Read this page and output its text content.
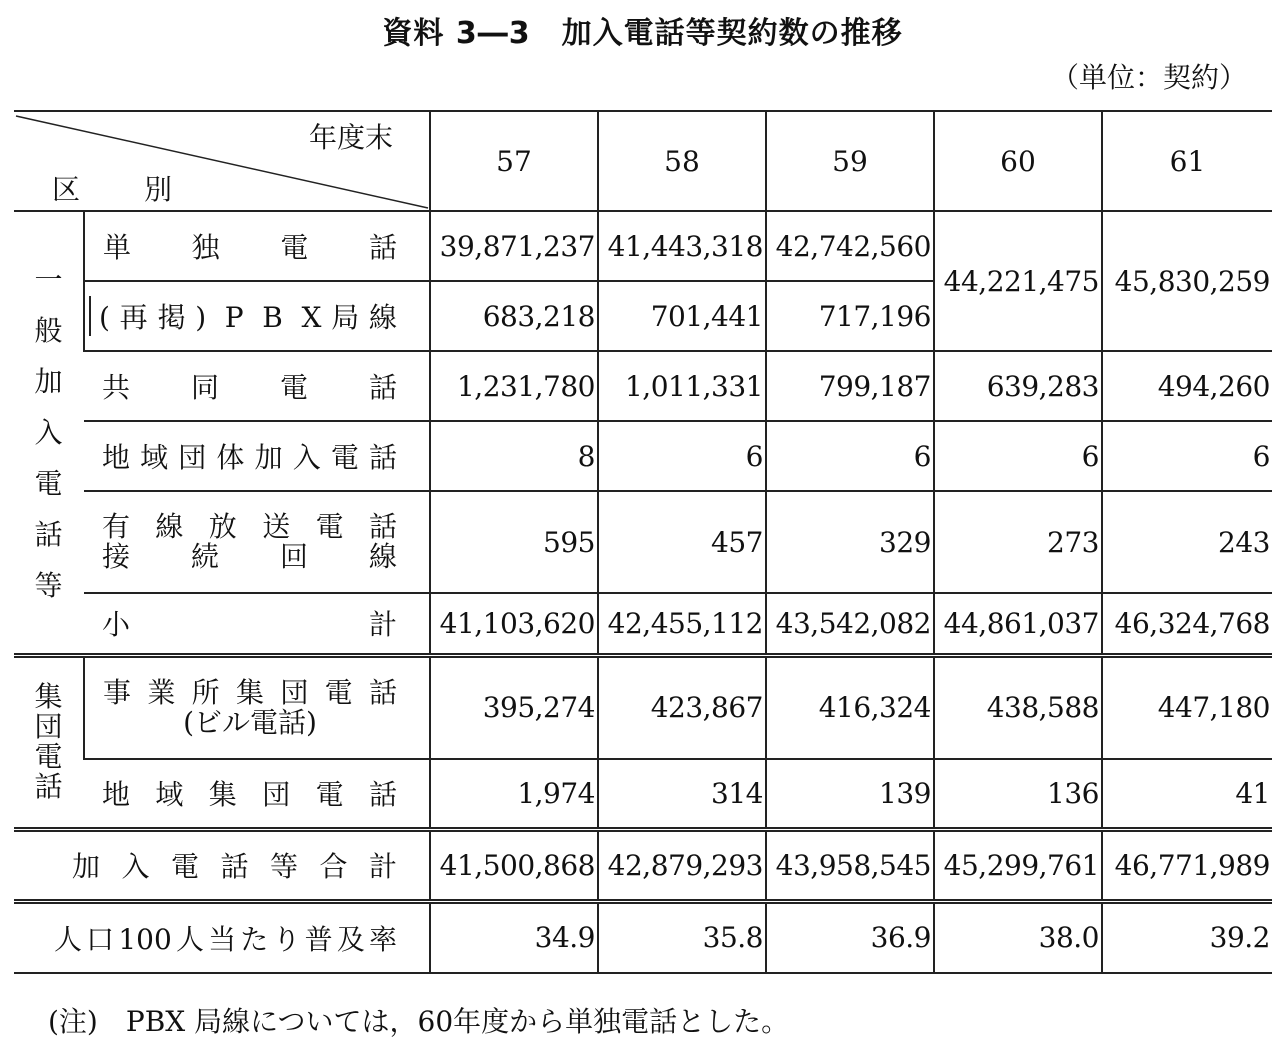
資料 3―3　加入電話等契約数の推移
（単位：契約）
年度末
区　別		57	58	59	60	61

一般加入電話等	単独電話	39,871,237	41,443,318	42,742,560	44,221,475	45,830,259

	(再掲) P B X局線	683,218	701,441	717,196		
	共同電話	1,231,780	1,011,331	799,187	639,283	494,260
	地域団体加入電話	8	6	6	6	6

	有線放送電話
接続回線	595	457	329	273	243

	小 計	41,103,620	42,455,112	43,542,082	44,861,037	46,324,768

集団電話	事業所集団電話
(ビル電話)	395,274	423,867	416,324	438,588	447,180
	地域集団電話	1,974	314	139	136	41
加入電話等合計		41,500,868	42,879,293	43,958,545	45,299,761	46,771,989
人口100人当たり普及率		34.9	35.8	36.9	38.0	39.2
(注)　PBX 局線については，60年度から単独電話とした。
